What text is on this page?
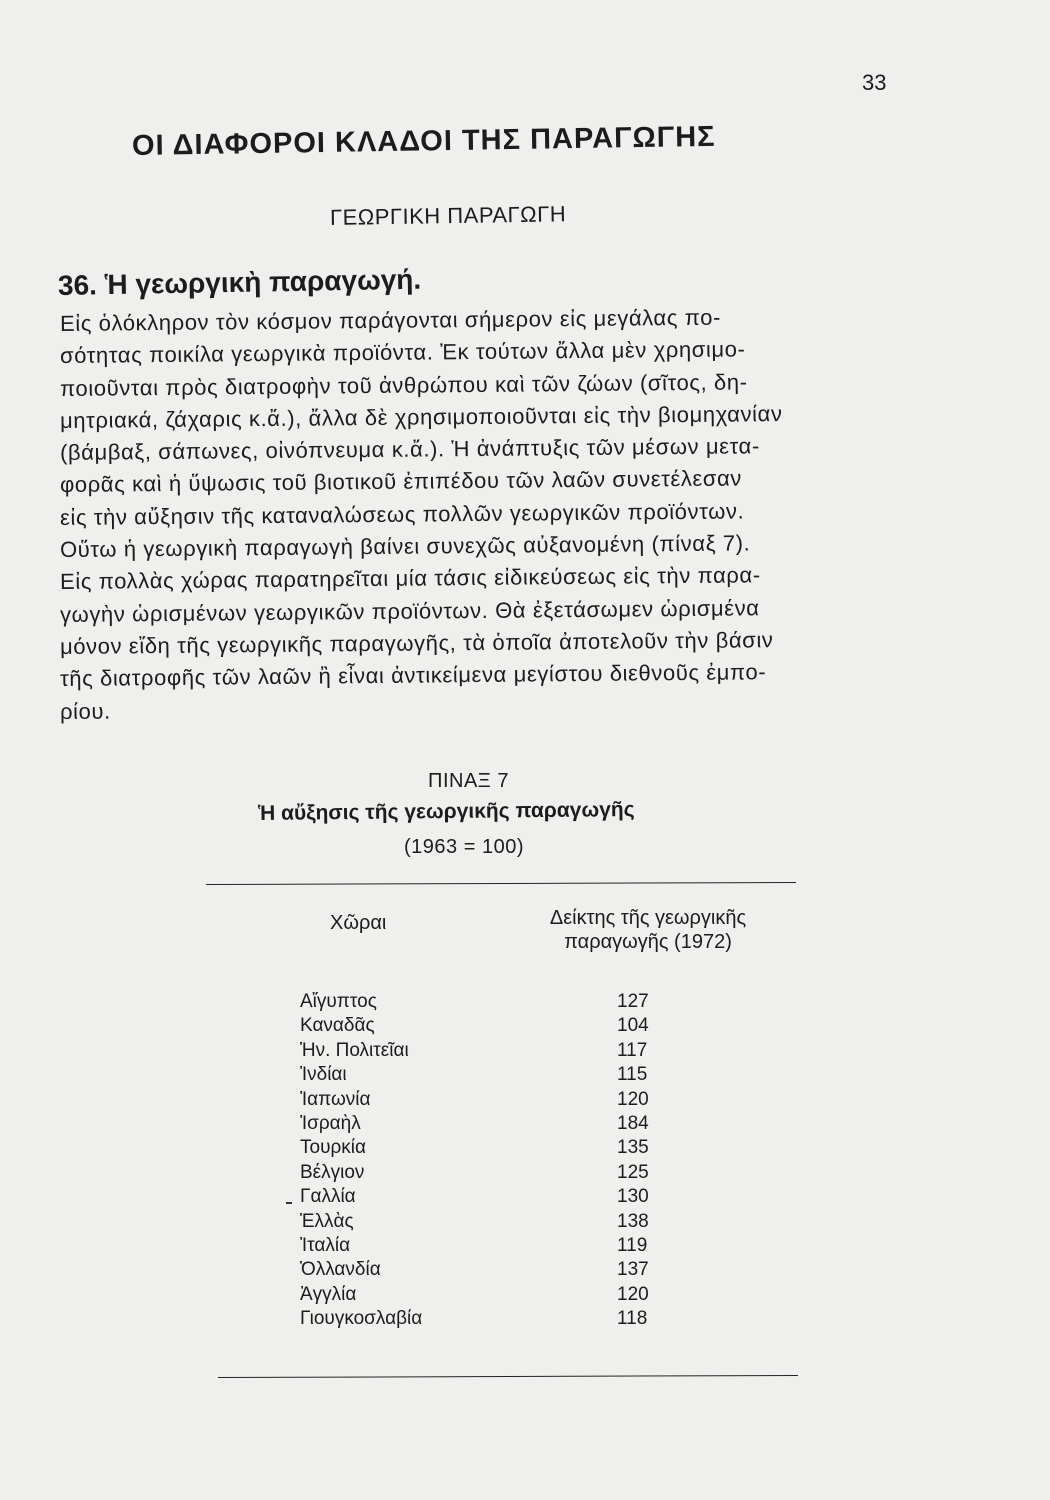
33
ΟΙ ΔΙΑΦΟΡΟΙ ΚΛΑΔΟΙ ΤΗΣ ΠΑΡΑΓΩΓΗΣ
ΓΕΩΡΓΙΚΗ ΠΑΡΑΓΩΓΗ
36. Ἡ γεωργικὴ παραγωγή.
Εἰς ὁλόκληρον τὸν κόσμον παράγονται σήμερον εἰς μεγάλας πο-
σότητας ποικίλα γεωργικὰ προϊόντα. Ἐκ τούτων ἄλλα μὲν χρησιμο-
ποιοῦνται πρὸς διατροφὴν τοῦ ἀνθρώπου καὶ τῶν ζώων (σῖτος, δη-
μητριακά, ζάχαρις κ.ἄ.), ἄλλα δὲ χρησιμοποιοῦνται εἰς τὴν βιομηχανίαν
(βάμβαξ, σάπωνες, οἰνόπνευμα κ.ἄ.). Ἡ ἀνάπτυξις τῶν μέσων μετα-
φορᾶς καὶ ἡ ὕψωσις τοῦ βιοτικοῦ ἐπιπέδου τῶν λαῶν συνετέλεσαν
εἰς τὴν αὔξησιν τῆς καταναλώσεως πολλῶν γεωργικῶν προϊόντων.
Οὕτω ἡ γεωργικὴ παραγωγὴ βαίνει συνεχῶς αὐξανομένη (πίναξ 7).
Εἰς πολλὰς χώρας παρατηρεῖται μία τάσις εἰδικεύσεως εἰς τὴν παρα-
γωγὴν ὡρισμένων γεωργικῶν προϊόντων. Θὰ ἐξετάσωμεν ὡρισμένα
μόνον εἴδη τῆς γεωργικῆς παραγωγῆς, τὰ ὁποῖα ἀποτελοῦν τὴν βάσιν
τῆς διατροφῆς τῶν λαῶν ἢ εἶναι ἀντικείμενα μεγίστου διεθνοῦς ἐμπο-
ρίου.
ΠΙΝΑΞ 7
Ἡ αὔξησις τῆς γεωργικῆς παραγωγῆς
(1963 = 100)
Χῶραι	Δείκτης τῆς γεωργικῆς
παραγωγῆς (1972)
Αἴγυπτος	127
Καναδᾶς	104
Ἡν. Πολιτεῖαι	117
Ἰνδίαι	115
Ἰαπωνία	120
Ἰσραὴλ	184
Τουρκία	135
Βέλγιον	125
Γαλλία	130
Ἑλλὰς	138
Ἰταλία	119
Ὁλλανδία	137
Ἀγγλία	120
Γιουγκοσλαβία	118
